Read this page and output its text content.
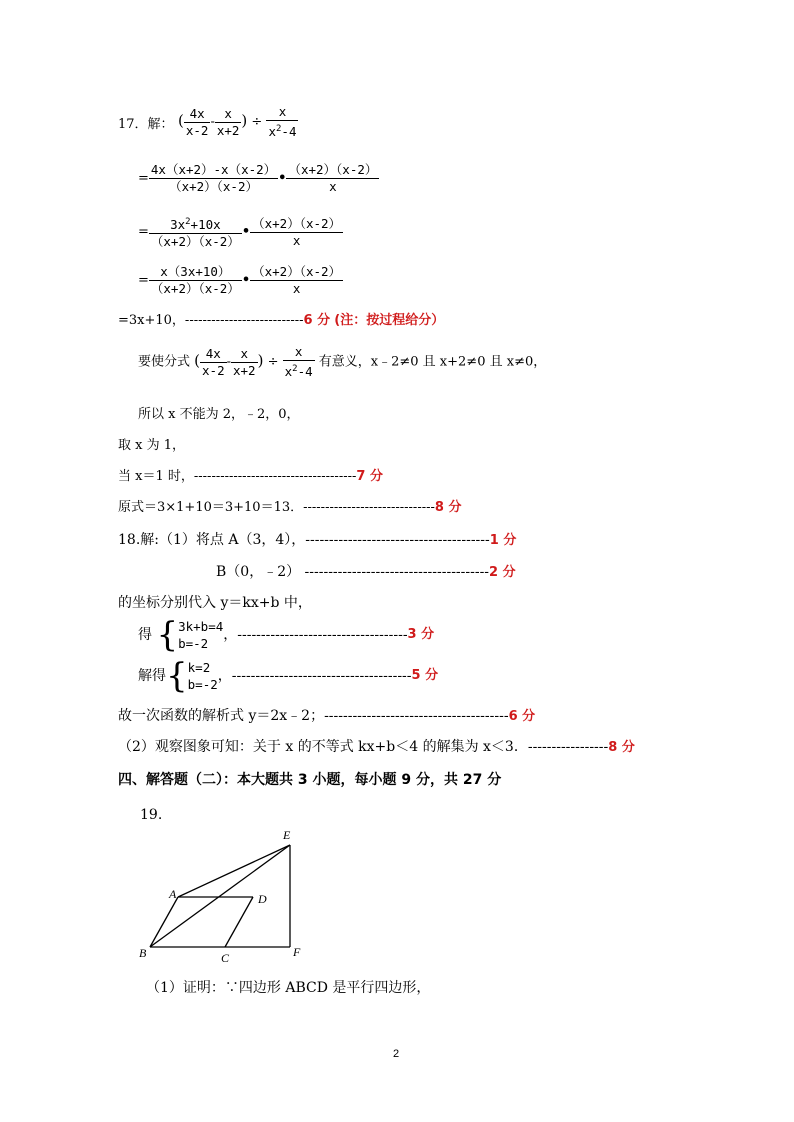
17．解： ( $\frac{4x}{x-2} - \frac{x}{x+2}$ ) ÷ $\frac{x}{x^2-4}$
= $\frac{4x(x+2)-x(x-2)}{(x+2)(x-2)}$ • $\frac{(x+2)(x-2)}{x}$
= $\frac{3x^2+10x}{(x+2)(x-2)}$ • $\frac{(x+2)(x-2)}{x}$
= $\frac{x(3x+10)}{(x+2)(x-2)}$ • $\frac{(x+2)(x-2)}{x}$
=3x+10，---------------------------6 分 (注：按过程给分）
要使分式 ( $\frac{4x}{x-2} - \frac{x}{x+2}$ ) ÷ $\frac{x}{x^2-4}$ 有意义，x﹣2≠0 且 x+2≠0 且 x≠0，
所以 x 不能为 2，﹣2，0，
取 x 为 1，
当 x＝1 时，-------------------------------------7 分
原式＝3×1+10＝3+10＝13．------------------------------8 分
18.解:（1）将点 A（3，4），---------------------------------------1 分
B（0，﹣2） ---------------------------------------2 分
的坐标分别代入 y＝kx+b 中，
得 { 3k+b=4
b=-2
，------------------------------------3 分
解得{ k=2
b=-2
，--------------------------------------5 分
故一次函数的解析式 y＝2x﹣2；---------------------------------------6 分
（2）观察图象可知：关于 x 的不等式 kx+b＜4 的解集为 x＜3．-----------------8 分
四、解答题（二）：本大题共 3 小题，每小题 9 分，共 27 分
19.
E
A	D
B	C	F
（1）证明：∵四边形 ABCD 是平行四边形，
2
